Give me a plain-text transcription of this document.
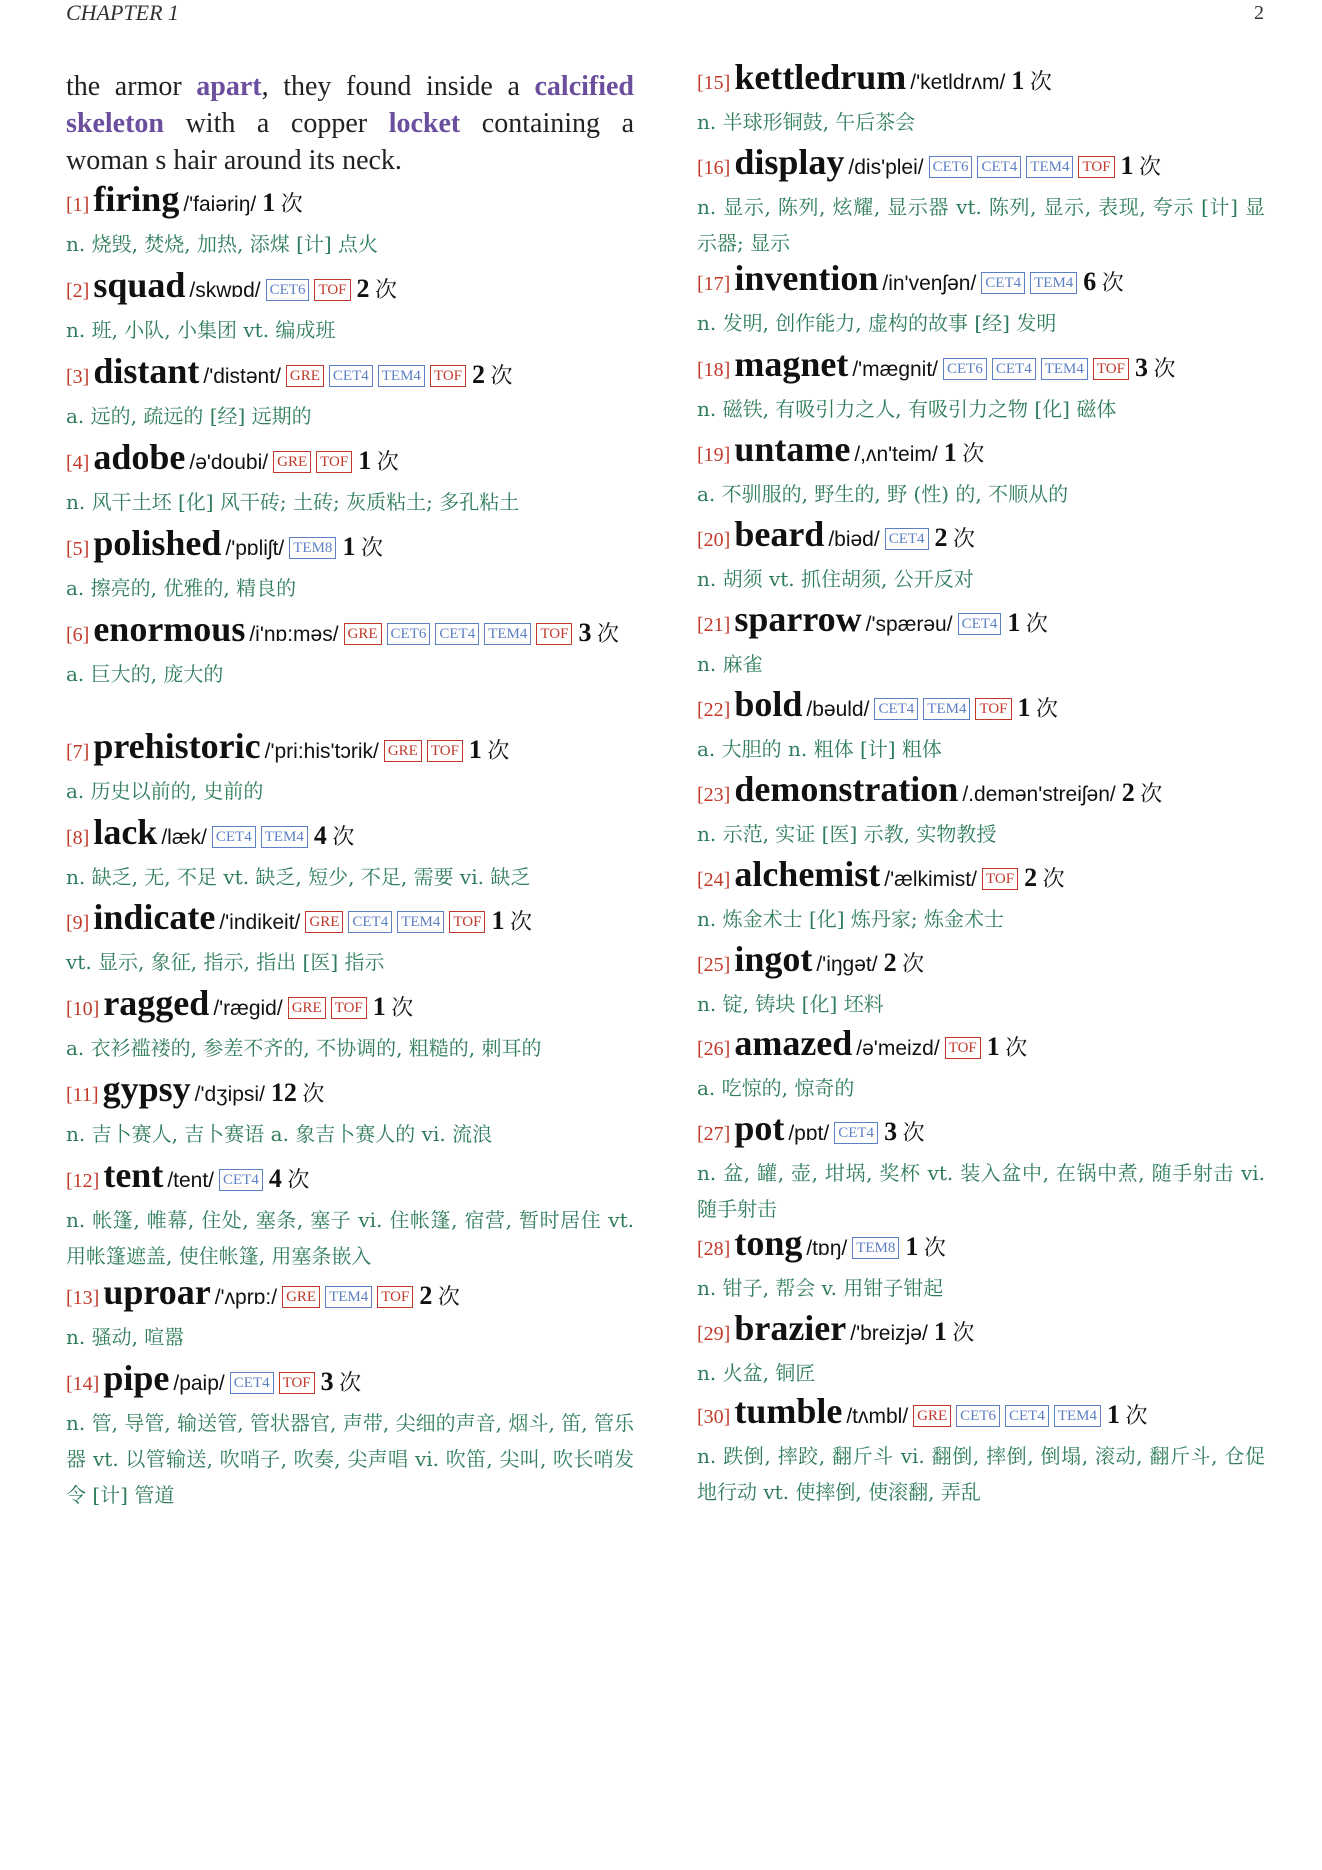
CHAPTER 1	2
the armor apart, they found inside a calcified skeleton with a copper locket containing a woman s hair around its neck.
[1] firing /'faiəriŋ/ 1 次
n. 烧毁, 焚烧, 加热, 添煤 [计] 点火
[2] squad /skwɒd/ CET6 TOF 2 次
n. 班, 小队, 小集团 vt. 编成班
[3] distant /'distənt/ GRE CET4 TEM4 TOF 2 次
a. 远的, 疏远的 [经] 远期的
[4] adobe /ə'doubi/ GRE TOF 1 次
n. 风干土坯 [化] 风干砖; 土砖; 灰质粘土; 多孔粘土
[5] polished /'pɒliʃt/ TEM8 1 次
a. 擦亮的, 优雅的, 精良的
[6] enormous /i'nɒ:məs/ GRE CET6 CET4 TEM4 TOF 3 次
a. 巨大的, 庞大的
[7] prehistoric /'pri:his'tɔrik/ GRE TOF 1 次
a. 历史以前的, 史前的
[8] lack /læk/ CET4 TEM4 4 次
n. 缺乏, 无, 不足 vt. 缺乏, 短少, 不足, 需要 vi. 缺乏
[9] indicate /'indikeit/ GRE CET4 TEM4 TOF 1 次
vt. 显示, 象征, 指示, 指出 [医] 指示
[10] ragged /'rægid/ GRE TOF 1 次
a. 衣衫褴褛的, 参差不齐的, 不协调的, 粗糙的, 刺耳的
[11] gypsy /'dʒipsi/ 12 次
n. 吉卜赛人, 吉卜赛语 a. 象吉卜赛人的 vi. 流浪
[12] tent /tent/ CET4 4 次
n. 帐篷, 帷幕, 住处, 塞条, 塞子 vi. 住帐篷, 宿营, 暂时居住 vt. 用帐篷遮盖, 使住帐篷, 用塞条嵌入
[13] uproar /'ʌprɒ:/ GRE TEM4 TOF 2 次
n. 骚动, 喧嚣
[14] pipe /paip/ CET4 TOF 3 次
n. 管, 导管, 输送管, 管状器官, 声带, 尖细的声音, 烟斗, 笛, 管乐器 vt. 以管输送, 吹哨子, 吹奏, 尖声唱 vi. 吹笛, 尖叫, 吹长哨发令 [计] 管道
[15] kettledrum /'ketldrʌm/ 1 次
n. 半球形铜鼓, 午后茶会
[16] display /dis'plei/ CET6 CET4 TEM4 TOF 1 次
n. 显示, 陈列, 炫耀, 显示器 vt. 陈列, 显示, 表现, 夸示 [计] 显示器; 显示
[17] invention /in'venʃən/ CET4 TEM4 6 次
n. 发明, 创作能力, 虚构的故事 [经] 发明
[18] magnet /'mægnit/ CET6 CET4 TEM4 TOF 3 次
n. 磁铁, 有吸引力之人, 有吸引力之物 [化] 磁体
[19] untame /,ʌn'teim/ 1 次
a. 不驯服的, 野生的, 野 (性) 的, 不顺从的
[20] beard /biəd/ CET4 2 次
n. 胡须 vt. 抓住胡须, 公开反对
[21] sparrow /'spærəu/ CET4 1 次
n. 麻雀
[22] bold /bəuld/ CET4 TEM4 TOF 1 次
a. 大胆的 n. 粗体 [计] 粗体
[23] demonstration /.demən'streiʃən/ 2 次
n. 示范, 实证 [医] 示教, 实物教授
[24] alchemist /'ælkimist/ TOF 2 次
n. 炼金术士 [化] 炼丹家; 炼金术士
[25] ingot /'iŋgət/ 2 次
n. 锭, 铸块 [化] 坯料
[26] amazed /ə'meizd/ TOF 1 次
a. 吃惊的, 惊奇的
[27] pot /pɒt/ CET4 3 次
n. 盆, 罐, 壶, 坩埚, 奖杯 vt. 装入盆中, 在锅中煮, 随手射击 vi. 随手射击
[28] tong /tɒŋ/ TEM8 1 次
n. 钳子, 帮会 v. 用钳子钳起
[29] brazier /'breizjə/ 1 次
n. 火盆, 铜匠
[30] tumble /tʌmbl/ GRE CET6 CET4 TEM4 1 次
n. 跌倒, 摔跤, 翻斤斗 vi. 翻倒, 摔倒, 倒塌, 滚动, 翻斤斗, 仓促地行动 vt. 使摔倒, 使滚翻, 弄乱
